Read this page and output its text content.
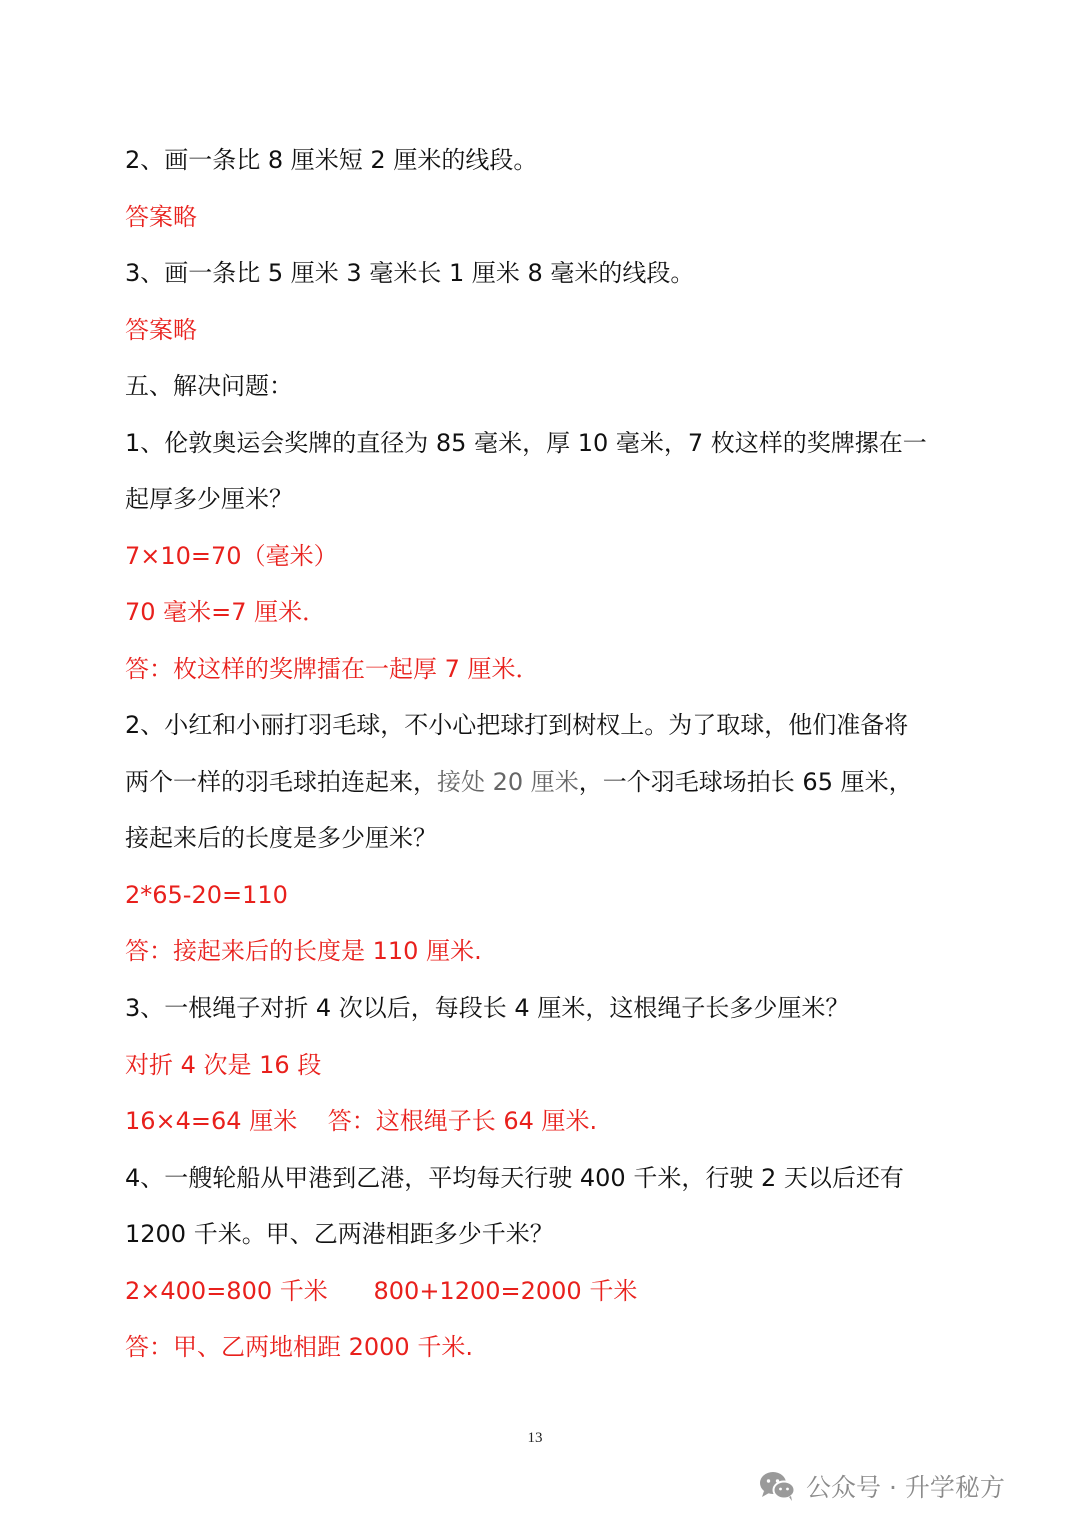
2、画一条比 8 厘米短 2 厘米的线段。
答案略
3、画一条比 5 厘米 3 毫米长 1 厘米 8 毫米的线段。
答案略
五、解决问题：
1、伦敦奥运会奖牌的直径为 85 毫米，厚 10 毫米，7 枚这样的奖牌摞在一
起厚多少厘米？
7×10=70（毫米）
70 毫米=7 厘米．
答：枚这样的奖牌擂在一起厚 7 厘米．
2、小红和小丽打羽毛球，不小心把球打到树杈上。为了取球，他们准备将
两个一样的羽毛球拍连起来，接处 20 厘米，一个羽毛球场拍长 65 厘米，
接起来后的长度是多少厘米？
2*65-20=110
答：接起来后的长度是 110 厘米.
3、一根绳子对折 4 次以后，每段长 4 厘米，这根绳子长多少厘米？
对折 4 次是 16 段
16×4=64 厘米    答：这根绳子长 64 厘米.
4、一艘轮船从甲港到乙港，平均每天行驶 400 千米，行驶 2 天以后还有
1200 千米。甲、乙两港相距多少千米？
2×400=800 千米      800+1200=2000 千米
答：甲、乙两地相距 2000 千米.
13
公众号 · 升学秘方
